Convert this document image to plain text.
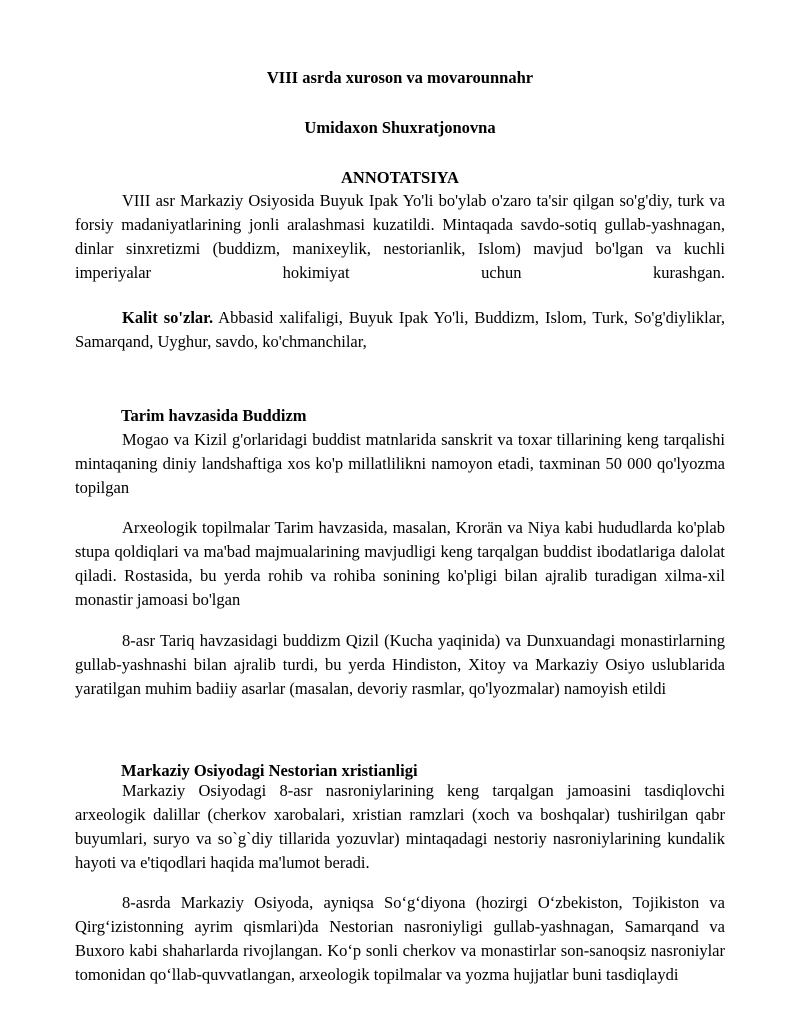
VIII asrda xuroson va movarounnahr
Umidaxon Shuxratjonovna
ANNOTATSIYA

VIII asr Markaziy Osiyosida Buyuk Ipak Yo'li bo'ylab o'zaro ta'sir qilgan so'g'diy, turk va forsiy madaniyatlarining jonli aralashmasi kuzatildi. Mintaqada savdo-sotiq gullab-yashnagan, dinlar sinxretizmi (buddizm, manixeylik, nestorianlik, Islom) mavjud bo'lgan va kuchli imperiyalar hokimiyat uchun kurashgan.

Kalit so'zlar. Abbasid xalifaligi, Buyuk Ipak Yo'li, Buddizm, Islom, Turk, So'g'diyliklar, Samarqand, Uyghur, savdo, ko'chmanchilar,

Tarim havzasida Buddizm

Mogao va Kizil g'orlaridagi buddist matnlarida sanskrit va toxar tillarining keng tarqalishi mintaqaning diniy landshaftiga xos ko'p millatlilikni namoyon etadi, taxminan 50 000 qo'lyozma topilgan

Arxeologik topilmalar Tarim havzasida, masalan, Krorän va Niya kabi hududlarda ko'plab stupa qoldiqlari va ma'bad majmualarining mavjudligi keng tarqalgan buddist ibodatlariga dalolat qiladi. Rostasida, bu yerda rohib va rohiba sonining ko'pligi bilan ajralib turadigan xilma-xil monastir jamoasi bo'lgan

8-asr Tariq havzasidagi buddizm Qizil (Kucha yaqinida) va Dunxuandagi monastirlarning gullab-yashnashi bilan ajralib turdi, bu yerda Hindiston, Xitoy va Markaziy Osiyo uslublarida yaratilgan muhim badiiy asarlar (masalan, devoriy rasmlar, qo'lyozmalar) namoyish etildi

Markaziy Osiyodagi Nestorian xristianligi

Markaziy Osiyodagi 8-asr nasroniylarining keng tarqalgan jamoasini tasdiqlovchi arxeologik dalillar (cherkov xarobalari, xristian ramzlari (xoch va boshqalar) tushirilgan qabr buyumlari, suryo va so`g`diy tillarida yozuvlar) mintaqadagi nestoriy nasroniylarining kundalik hayoti va e'tiqodlari haqida ma'lumot beradi.

8-asrda Markaziy Osiyoda, ayniqsa So‘g‘diyona (hozirgi O‘zbekiston, Tojikiston va Qirg‘izistonning ayrim qismlari)da Nestorian nasroniyligi gullab-yashnagan, Samarqand va Buxoro kabi shaharlarda rivojlangan. Ko‘p sonli cherkov va monastirlar son-sanoqsiz nasroniylar tomonidan qo‘llab-quvvatlangan, arxeologik topilmalar va yozma hujjatlar buni tasdiqlaydi
